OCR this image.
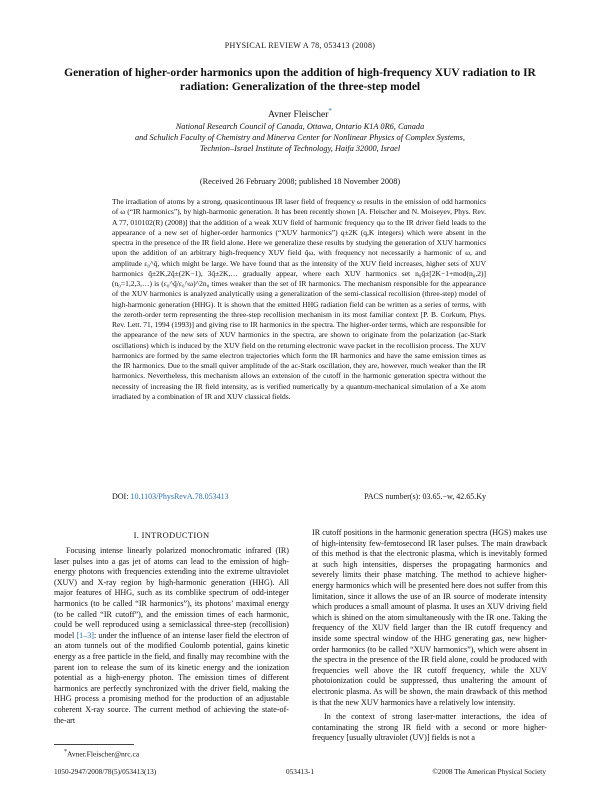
PHYSICAL REVIEW A 78, 053413 (2008)
Generation of higher-order harmonics upon the addition of high-frequency XUV radiation to IR radiation: Generalization of the three-step model
Avner Fleischer*
National Research Council of Canada, Ottawa, Ontario K1A 0R6, Canada
and Schulich Faculty of Chemistry and Minerva Center for Nonlinear Physics of Complex Systems,
Technion–Israel Institute of Technology, Haifa 32000, Israel
(Received 26 February 2008; published 18 November 2008)
The irradiation of atoms by a strong, quasicontinuous IR laser field of frequency ω results in the emission of odd harmonics of ω (“IR harmonics”), by high-harmonic generation. It has been recently shown [A. Fleischer and N. Moiseyev, Phys. Rev. A 77, 010102(R) (2008)] that the addition of a weak XUV field of harmonic frequency qω to the IR driver field leads to the appearance of a new set of higher-order harmonics (“XUV harmonics”) q±2K (q,K integers) which were absent in the spectra in the presence of the IR field alone. Here we generalize these results by studying the generation of XUV harmonics upon the addition of an arbitrary high-frequency XUV field q̃ω, with frequency not necessarily a harmonic of ω, and amplitude ε₀^q̃, which might be large. We have found that as the intensity of the XUV field increases, higher sets of XUV harmonics q̃±2K,2q̃±(2K−1), 3q̃±2K,… gradually appear, where each XUV harmonics set n₀q̃±[2K−1+mod(n₀,2)] (n₀=1,2,3,…) is (ε₀^q̃/ε₀^ω)^2n₀ times weaker than the set of IR harmonics. The mechanism responsible for the appearance of the XUV harmonics is analyzed analytically using a generalization of the semi-classical recollision (three-step) model of high-harmonic generation (HHG). It is shown that the emitted HHG radiation field can be written as a series of terms, with the zeroth-order term representing the three-step recollision mechanism in its most familiar context [P. B. Corkum, Phys. Rev. Lett. 71, 1994 (1993)] and giving rise to IR harmonics in the spectra. The higher-order terms, which are responsible for the appearance of the new sets of XUV harmonics in the spectra, are shown to originate from the polarization (ac-Stark oscillations) which is induced by the XUV field on the returning electronic wave packet in the recollision process. The XUV harmonics are formed by the same electron trajectories which form the IR harmonics and have the same emission times as the IR harmonics. Due to the small quiver amplitude of the ac-Stark oscillation, they are, however, much weaker than the IR harmonics. Nevertheless, this mechanism allows an extension of the cutoff in the harmonic generation spectra without the necessity of increasing the IR field intensity, as is verified numerically by a quantum-mechanical simulation of a Xe atom irradiated by a combination of IR and XUV classical fields.
DOI: 10.1103/PhysRevA.78.053413	PACS number(s): 03.65.−w, 42.65.Ky
I. INTRODUCTION

Focusing intense linearly polarized monochromatic infrared (IR) laser pulses into a gas jet of atoms can lead to the emission of high-energy photons with frequencies extending into the extreme ultraviolet (XUV) and X-ray region by high-harmonic generation (HHG). All major features of HHG, such as its comblike spectrum of odd-integer harmonics (to be called “IR harmonics”), its photons’ maximal energy (to be called “IR cutoff”), and the emission times of each harmonic, could be well reproduced using a semiclassical three-step (recollision) model [1–3]: under the influence of an intense laser field the electron of an atom tunnels out of the modified Coulomb potential, gains kinetic energy as a free particle in the field, and finally may recombine with the parent ion to release the sum of its kinetic energy and the ionization potential as a high-energy photon. The emission times of different harmonics are perfectly synchronized with the driver field, making the HHG process a promising method for the production of an adjustable coherent X-ray source. The current method of achieving the state-of-the-art

IR cutoff positions in the harmonic generation spectra (HGS) makes use of high-intensity few-femtosecond IR laser pulses. The main drawback of this method is that the electronic plasma, which is inevitably formed at such high intensities, disperses the propagating harmonics and severely limits their phase matching. The method to achieve higher-energy harmonics which will be presented here does not suffer from this limitation, since it allows the use of an IR source of moderate intensity which produces a small amount of plasma. It uses an XUV driving field which is shined on the atom simultaneously with the IR one. Taking the frequency of the XUV field larger than the IR cutoff frequency and inside some spectral window of the HHG generating gas, new higher-order harmonics (to be called “XUV harmonics”), which were absent in the spectra in the presence of the IR field alone, could be produced with frequencies well above the IR cutoff frequency, while the XUV photoionization could be suppressed, thus unaltering the amount of electronic plasma. As will be shown, the main drawback of this method is that the new XUV harmonics have a relatively low intensity.

In the context of strong laser-matter interactions, the idea of contaminating the strong IR field with a second or more higher-frequency [usually ultraviolet (UV)] fields is not a

*Avner.Fleischer@nrc.ca
1050-2947/2008/78(5)/053413(13)	053413-1	©2008 The American Physical Society
